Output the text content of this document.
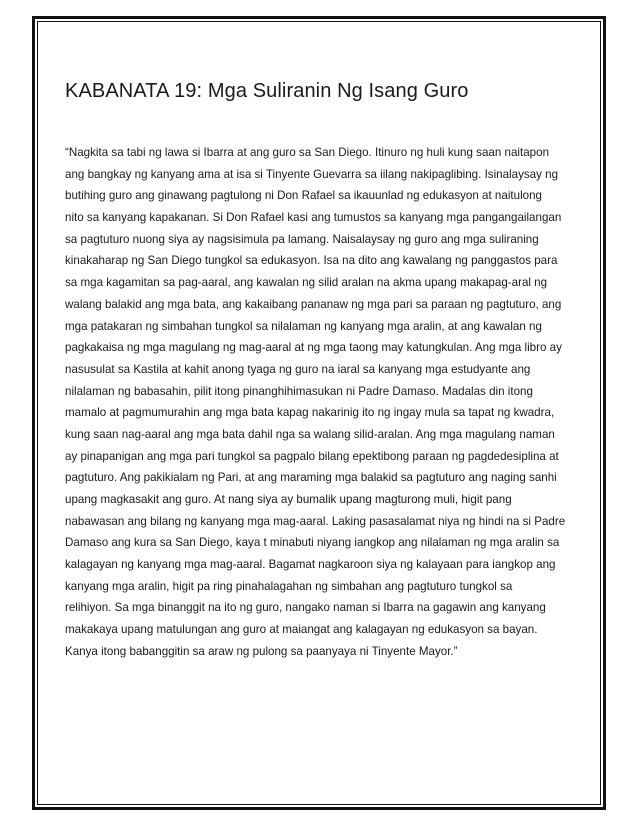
KABANATA 19: Mga Suliranin Ng Isang Guro
“Nagkita sa tabi ng lawa si Ibarra at ang guro sa San Diego. Itinuro ng huli kung saan naitapon
ang bangkay ng kanyang ama at isa si Tinyente Guevarra sa iilang nakipaglibing. Isinalaysay ng
butihing guro ang ginawang pagtulong ni Don Rafael sa ikauunlad ng edukasyon at naitulong
nito sa kanyang kapakanan. Si Don Rafael kasi ang tumustos sa kanyang mga pangangailangan
sa pagtuturo nuong siya ay nagsisimula pa lamang. Naisalaysay ng guro ang mga suliraning
kinakaharap ng San Diego tungkol sa edukasyon. Isa na dito ang kawalang ng panggastos para
sa mga kagamitan sa pag-aaral, ang kawalan ng silid aralan na akma upang makapag-aral ng
walang balakid ang mga bata, ang kakaibang pananaw ng mga pari sa paraan ng pagtuturo, ang
mga patakaran ng simbahan tungkol sa nilalaman ng kanyang mga aralin, at ang kawalan ng
pagkakaisa ng mga magulang ng mag-aaral at ng mga taong may katungkulan. Ang mga libro ay
nasusulat sa Kastila at kahit anong tyaga ng guro na iaral sa kanyang mga estudyante ang
nilalaman ng babasahin, pilit itong pinanghihimasukan ni Padre Damaso. Madalas din itong
mamalo at pagmumurahin ang mga bata kapag nakarinig ito ng ingay mula sa tapat ng kwadra,
kung saan nag-aaral ang mga bata dahil nga sa walang silid-aralan. Ang mga magulang naman
ay pinapanigan ang mga pari tungkol sa pagpalo bilang epektibong paraan ng pagdedesiplina at
pagtuturo. Ang pakikialam ng Pari, at ang maraming mga balakid sa pagtuturo ang naging sanhi
upang magkasakit ang guro. At nang siya ay bumalik upang magturong muli, higit pang
nabawasan ang bilang ng kanyang mga mag-aaral. Laking pasasalamat niya ng hindi na si Padre
Damaso ang kura sa San Diego, kaya t minabuti niyang iangkop ang nilalaman ng mga aralin sa
kalagayan ng kanyang mga mag-aaral. Bagamat nagkaroon siya ng kalayaan para iangkop ang
kanyang mga aralin, higit pa ring pinahalagahan ng simbahan ang pagtuturo tungkol sa
relihiyon. Sa mga binanggit na ito ng guro, nangako naman si Ibarra na gagawin ang kanyang
makakaya upang matulungan ang guro at maiangat ang kalagayan ng edukasyon sa bayan.
Kanya itong babanggitin sa araw ng pulong sa paanyaya ni Tinyente Mayor.”
